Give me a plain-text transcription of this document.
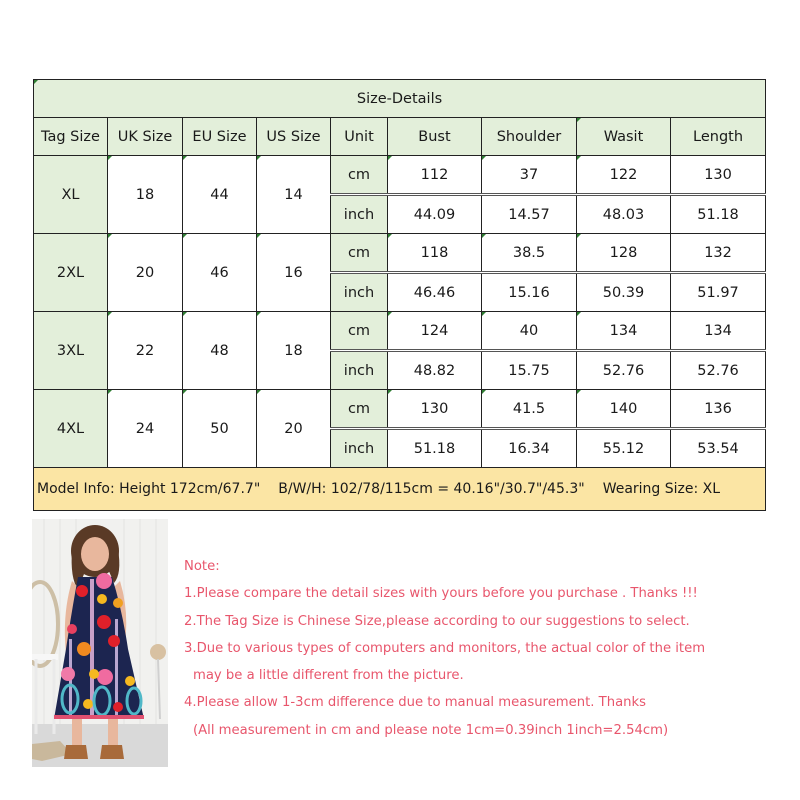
Size-Details								
Tag Size	UK Size	EU Size	US Size	Unit	Bust	Shoulder	Wasit	Length
XL	18	44	14	cm	112	37	122	130
				inch	44.09	14.57	48.03	51.18
2XL	20	46	16	cm	118	38.5	128	132
				inch	46.46	15.16	50.39	51.97
3XL	22	48	18	cm	124	40	134	134
				inch	48.82	15.75	52.76	52.76
4XL	24	50	20	cm	130	41.5	140	136
				inch	51.18	16.34	55.12	53.54
Model Info: Height 172cm/67.7" B/W/H: 102/78/115cm = 40.16"/30.7"/45.3" Wearing Size: XL								
Note:
1.Please compare the detail sizes with yours before you purchase . Thanks !!!
2.The Tag Size is Chinese Size,please according to our suggestions to select.
3.Due to various types of computers and monitors, the actual color of the item
may be a little different from the picture.
4.Please allow 1-3cm difference due to manual measurement. Thanks
(All measurement in cm and please note 1cm=0.39inch 1inch=2.54cm)
